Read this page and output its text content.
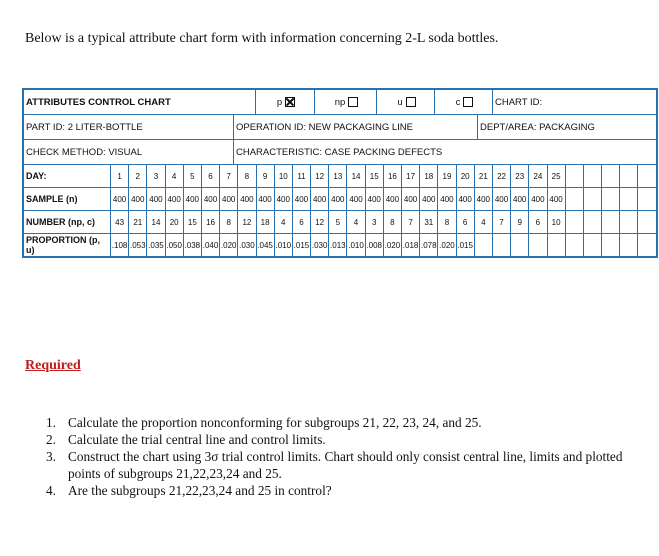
Below is a typical attribute chart form with information concerning 2-L soda bottles.
ATTRIBUTES CONTROL CHART	p	np	u	c	CHART ID:
PART ID: 2 LITER-BOTTLE	OPERATION ID: NEW PACKAGING LINE	DEPT/AREA: PACKAGING
CHECK METHOD: VISUAL	CHARACTERISTIC: CASE PACKING DEFECTS
DAY:	1	2	3	4	5	6	7	8	9	10	11	12	13	14	15	16	17	18	19	20	21	22	23	24	25
SAMPLE (n)	400 400 400 400 400 400 400 400 400 400 400 400 400 400 400 400 400 400 400 400 400 400 400 400 400
NUMBER (np, c)	43	21	14	20	15	16	8	12	18	4	6	12	5	4	3	8	7	31	8	6	4	7	9	6	10
PROPORTION (p, u)	.108 .053 .035 .050 .038 .040 .020 .030 .045 .010 .015 .030 .013 .010 .008 .020 .018 .078 .020 .015
Required
1. Calculate the proportion nonconforming for subgroups 21, 22, 23, 24, and 25.
2. Calculate the trial central line and control limits.
3. Construct the chart using 3σ trial control limits. Chart should only consist central line, limits and plotted points of subgroups 21,22,23,24 and 25.
4. Are the subgroups 21,22,23,24 and 25 in control?
